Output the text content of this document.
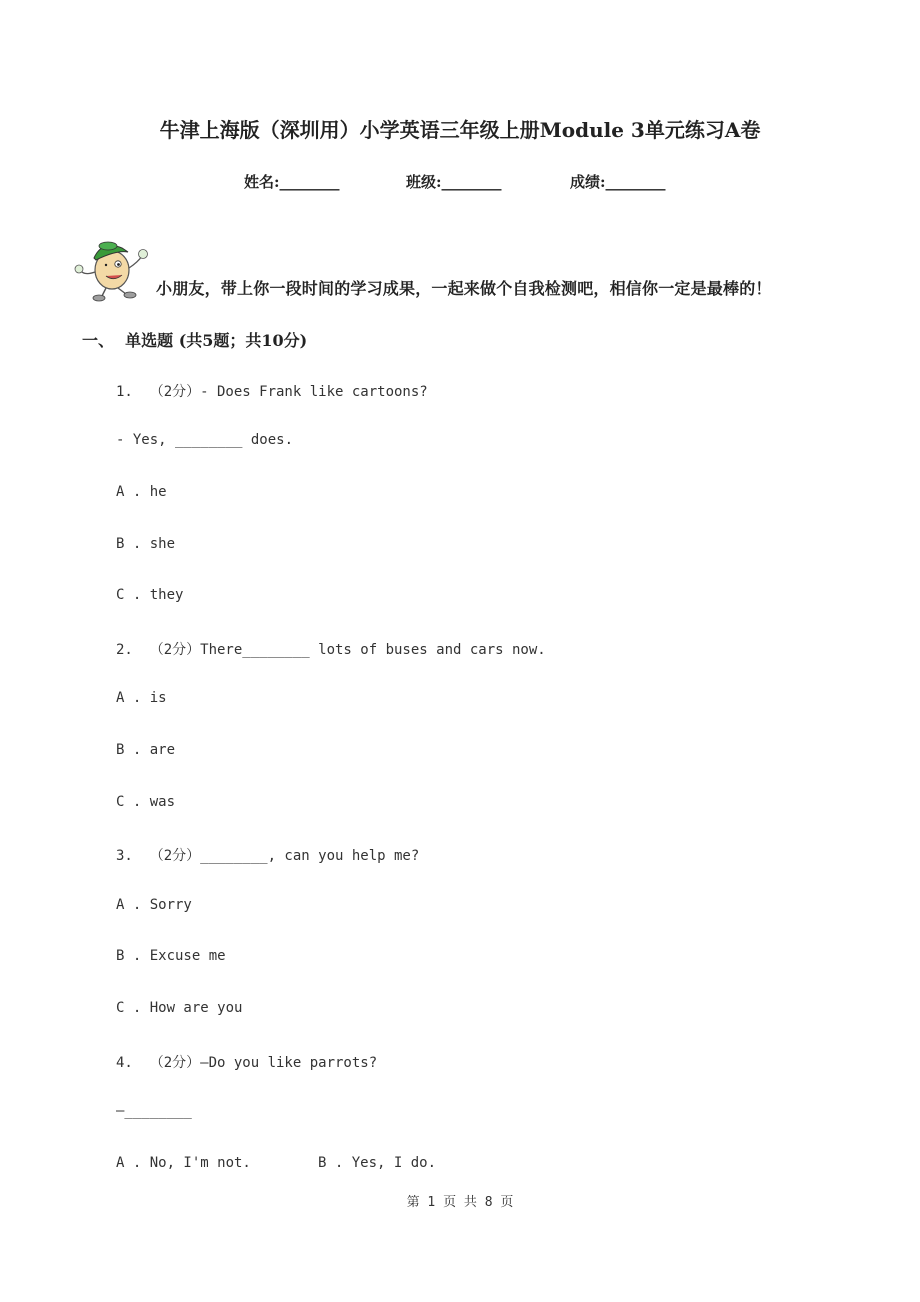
牛津上海版（深圳用）小学英语三年级上册Module 3单元练习A卷
姓名:________	班级:________	成绩:________
小朋友，带上你一段时间的学习成果，一起来做个自我检测吧，相信你一定是最棒的！
一、  单选题 (共5题；共10分)
1.  （2分）- Does Frank like cartoons?
- Yes, ________ does.
A . he
B . she
C . they
2.  （2分）There________ lots of buses and cars now.
A . is
B . are
C . was
3.  （2分）________, can you help me?
A . Sorry
B . Excuse me
C . How are you
4.  （2分）—Do you like parrots?
—________
A . No, I'm not.	B . Yes, I do.
第 1 页 共 8 页
